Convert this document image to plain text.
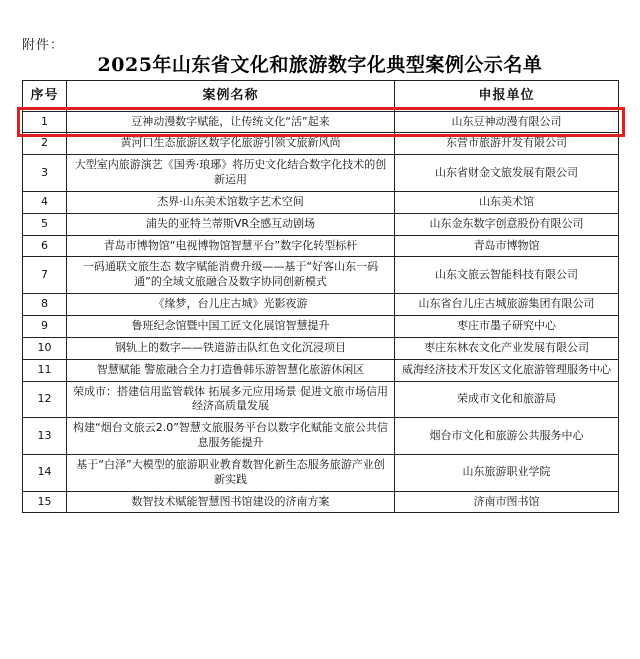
附件：
2025年山东省文化和旅游数字化典型案例公示名单
序号	案例名称	申报单位
1	豆神动漫数字赋能，让传统文化“活”起来	山东豆神动漫有限公司
2	黄河口生态旅游区数字化旅游引领文旅新风尚	东营市旅游开发有限公司
3	大型室内旅游演艺《国秀·琅琊》将历史文化结合数字化技术的创新运用	山东省财金文旅发展有限公司
4	杰界·山东美术馆数字艺术空间	山东美术馆
5	浦失的亚特兰蒂斯VR全感互动剧场	山东金东数字创意股份有限公司
6	青岛市博物馆“电视博物馆智慧平台”数字化转型标杆	青岛市博物馆
7	一码通联文旅生态 数字赋能消费升级——基于“好客山东一码通”的全域文旅融合及数字协同创新模式	山东文旅云智能科技有限公司
8	《缘梦，台儿庄古城》光影夜游	山东省台儿庄古城旅游集团有限公司
9	鲁班纪念馆暨中国工匠文化展馆智慧提升	枣庄市墨子研究中心
10	钢轨上的数字——铁道游击队红色文化沉浸项目	枣庄东林农文化产业发展有限公司
11	智慧赋能 警旅融合全力打造鲁韩乐游智慧化旅游休闲区	威海经济技术开发区文化旅游管理服务中心
12	荣成市：搭建信用监管载体 拓展多元应用场景 促进文旅市场信用经济高质量发展	荣成市文化和旅游局
13	构建“烟台文旅云2.0”智慧文旅服务平台以数字化赋能文旅公共信息服务能提升	烟台市文化和旅游公共服务中心
14	基于“白泽”大模型的旅游职业教育数智化新生态服务旅游产业创新实践	山东旅游职业学院
15	数智技术赋能智慧图书馆建设的济南方案	济南市图书馆
